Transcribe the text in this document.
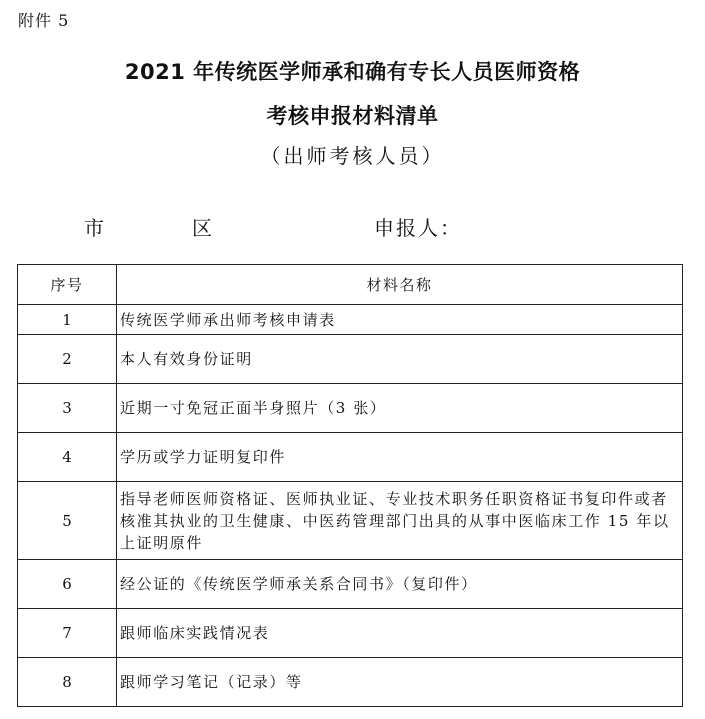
附件 5
2021 年传统医学师承和确有专长人员医师资格
考核申报材料清单
（出师考核人员）
市	区	申报人：
序号	材料名称
1	传统医学师承出师考核申请表
2	本人有效身份证明
3	近期一寸免冠正面半身照片（3 张）
4	学历或学力证明复印件
5	指导老师医师资格证、医师执业证、专业技术职务任职资格证书复印件或者核准其执业的卫生健康、中医药管理部门出具的从事中医临床工作 15 年以上证明原件
6	经公证的《传统医学师承关系合同书》（复印件）
7	跟师临床实践情况表
8	跟师学习笔记（记录）等
